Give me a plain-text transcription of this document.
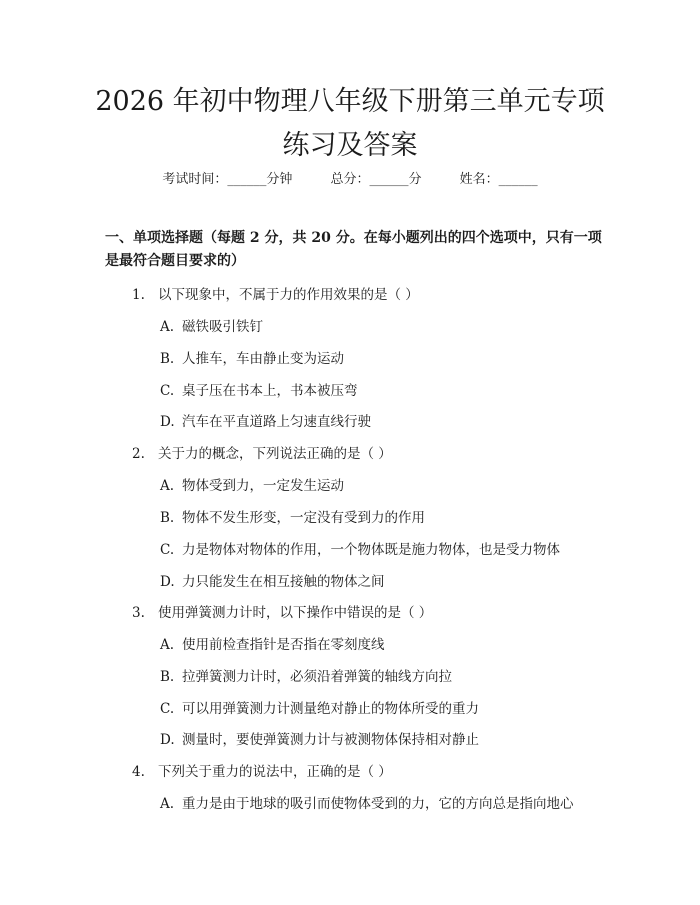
2026 年初中物理八年级下册第三单元专项练习及答案
考试时间：______分钟	总分：______分	姓名：______

一、单项选择题（每题 2 分，共 20 分。在每小题列出的四个选项中，只有一项是最符合题目要求的）

1. 以下现象中，不属于力的作用效果的是（ ）
A. 磁铁吸引铁钉
B. 人推车，车由静止变为运动
C. 桌子压在书本上，书本被压弯
D. 汽车在平直道路上匀速直线行驶
2. 关于力的概念，下列说法正确的是（ ）
A. 物体受到力，一定发生运动
B. 物体不发生形变，一定没有受到力的作用
C. 力是物体对物体的作用，一个物体既是施力物体，也是受力物体
D. 力只能发生在相互接触的物体之间
3. 使用弹簧测力计时，以下操作中错误的是（ ）
A. 使用前检查指针是否指在零刻度线
B. 拉弹簧测力计时，必须沿着弹簧的轴线方向拉
C. 可以用弹簧测力计测量绝对静止的物体所受的重力
D. 测量时，要使弹簧测力计与被测物体保持相对静止
4. 下列关于重力的说法中，正确的是（ ）
A. 重力是由于地球的吸引而使物体受到的力，它的方向总是指向地心
